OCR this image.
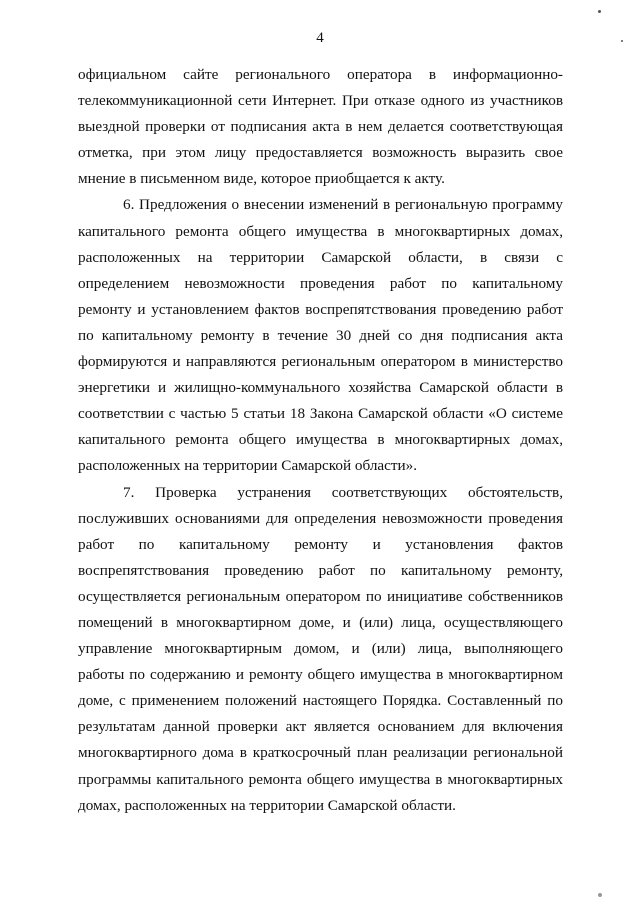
4

официальном сайте регионального оператора в информационно-телекоммуникационной сети Интернет. При отказе одного из участников выездной проверки от подписания акта в нем делается соответствующая отметка, при этом лицу предоставляется возможность выразить свое мнение в письменном виде, которое приобщается к акту.

6. Предложения о внесении изменений в региональную программу капитального ремонта общего имущества в многоквартирных домах, расположенных на территории Самарской области, в связи с определением невозможности проведения работ по капитальному ремонту и установлением фактов воспрепятствования проведению работ по капитальному ремонту в течение 30 дней со дня подписания акта формируются и направляются региональным оператором в министерство энергетики и жилищно-коммунального хозяйства Самарской области в соответствии с частью 5 статьи 18 Закона Самарской области «О системе капитального ремонта общего имущества в многоквартирных домах, расположенных на территории Самарской области».

7. Проверка устранения соответствующих обстоятельств, послуживших основаниями для определения невозможности проведения работ по капитальному ремонту и установления фактов воспрепятствования проведению работ по капитальному ремонту, осуществляется региональным оператором по инициативе собственников помещений в многоквартирном доме, и (или) лица, осуществляющего управление многоквартирным домом, и (или) лица, выполняющего работы по содержанию и ремонту общего имущества в многоквартирном доме, с применением положений настоящего Порядка. Составленный по результатам данной проверки акт является основанием для включения многоквартирного дома в краткосрочный план реализации региональной программы капитального ремонта общего имущества в многоквартирных домах, расположенных на территории Самарской области.
